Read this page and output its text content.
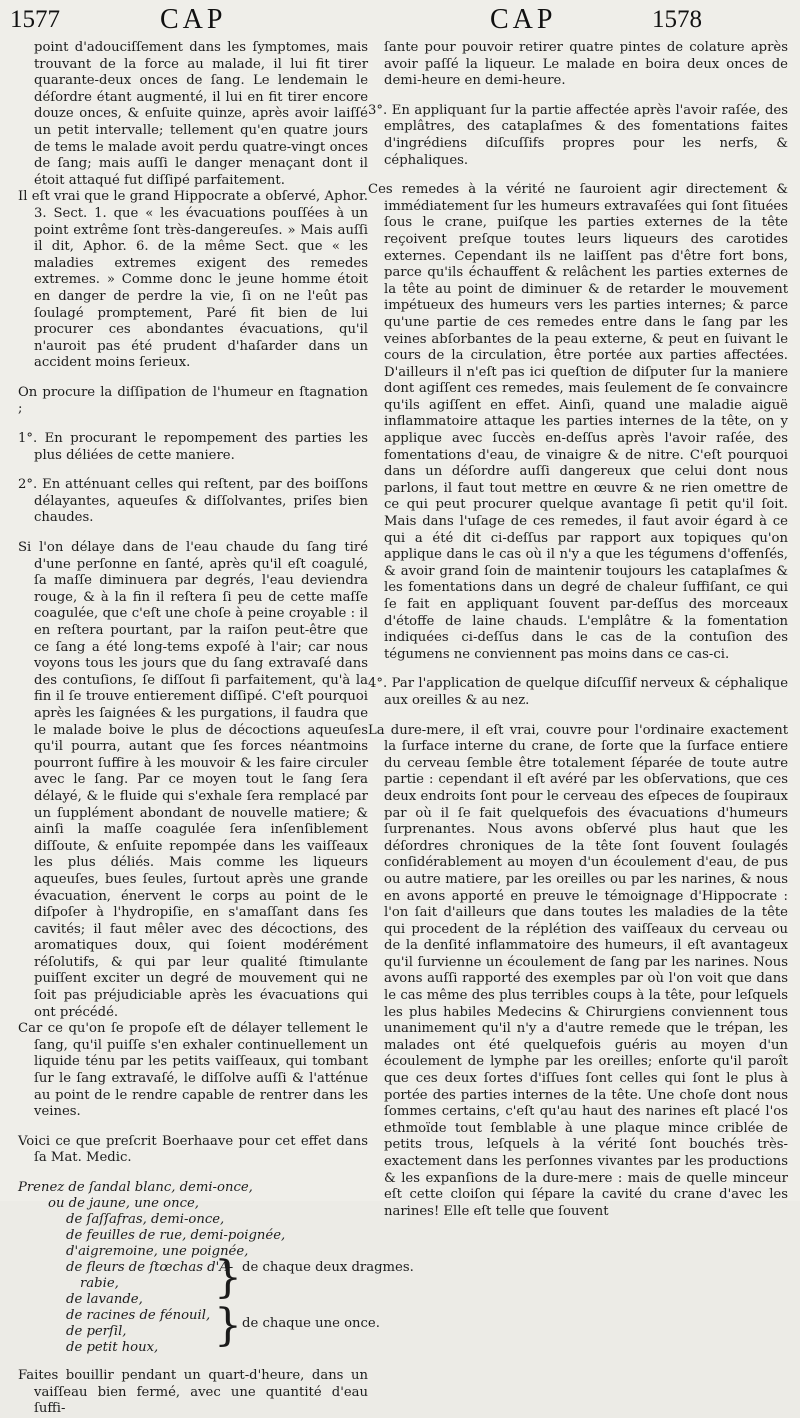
1577	CAP	CAP	1578

point d'adouciſſement dans les ſymptomes, mais trouvant de la force au malade, il lui fit tirer quarante-deux onces de ſang. Le lendemain le déſordre étant augmenté, il lui en fit tirer encore douze onces, & enſuite quinze, après avoir laiſſé un petit intervalle; tellement qu'en quatre jours de tems le malade avoit perdu quatre-vingt onces de ſang; mais auſſi le danger menaçant dont il étoit attaqué fut diſſipé parfaitement.

Il eſt vrai que le grand Hippocrate a obſervé, Aphor. 3. Sect. 1. que « les évacuations pouſſées à un point extrême ſont très-dangereuſes. » Mais auſſi il dit, Aphor. 6. de la même Sect. que « les maladies extremes exigent des remedes extremes. » Comme donc le jeune homme étoit en danger de perdre la vie, ſi on ne l'eût pas ſoulagé promptement, Paré fit bien de lui procurer ces abondantes évacuations, qu'il n'auroit pas été prudent d'haſarder dans un accident moins ſerieux.

On procure la diſſipation de l'humeur en ſtagnation ;

1°. En procurant le repompement des parties les plus déliées de cette maniere.

2°. En atténuant celles qui reſtent, par des boiſſons délayantes, aqueuſes & diſſolvantes, priſes bien chaudes.

Si l'on délaye dans de l'eau chaude du ſang tiré d'une perſonne en ſanté, après qu'il eſt coagulé, ſa maſſe diminuera par degrés, l'eau deviendra rouge, & à la fin il reſtera ſi peu de cette maſſe coagulée, que c'eſt une choſe à peine croyable : il en reſtera pourtant, par la raiſon peut-être que ce ſang a été long-tems expoſé à l'air; car nous voyons tous les jours que du ſang extravaſé dans des contuſions, ſe diſſout ſi parfaitement, qu'à la fin il ſe trouve entierement diſſipé. C'eſt pourquoi après les ſaignées & les purgations, il faudra que le malade boive le plus de décoctions aqueuſes qu'il pourra, autant que ſes forces néantmoins pourront ſuffire à les mouvoir & les faire circuler avec le ſang. Par ce moyen tout le ſang ſera délayé, & le fluide qui s'exhale ſera remplacé par un ſupplément abondant de nouvelle matiere; & ainſi la maſſe coagulée ſera inſenſiblement diſſoute, & enſuite repompée dans les vaiſſeaux les plus déliés. Mais comme les liqueurs aqueuſes, bues ſeules, ſurtout après une grande évacuation, énervent le corps au point de le diſpoſer à l'hydropiſie, en s'amaſſant dans ſes cavités; il faut mêler avec des décoctions, des aromatiques doux, qui ſoient modérément réſolutifs, & qui par leur qualité ſtimulante puiſſent exciter un degré de mouvement qui ne ſoit pas préjudiciable après les évacuations qui ont précédé.

Car ce qu'on ſe propoſe eſt de délayer tellement le ſang, qu'il puiſſe s'en exhaler continuellement un liquide ténu par les petits vaiſſeaux, qui tombant ſur le ſang extravaſé, le diſſolve auſſi & l'atténue au point de le rendre capable de rentrer dans les veines.

Voici ce que preſcrit Boerhaave pour cet effet dans ſa Mat. Medic.

Prenez de ſandal blanc, demi-once,
ou de jaune, une once,
de ſaſſafras, demi-once,
de feuilles de rue, demi-poignée,
d'aigremoine, une poignée,
de fleurs de ſtœchas d'A-
rabie,
de lavande,
de racines de fénouil,
de perſil,
de petit houx,
} de chaque deux dragmes.
} de chaque une once.

Faites bouillir pendant un quart-d'heure, dans un vaiſſeau bien fermé, avec une quantité d'eau ſuffi-

ſante pour pouvoir retirer quatre pintes de colature après avoir paſſé la liqueur. Le malade en boira deux onces de demi-heure en demi-heure.

3°. En appliquant ſur la partie affectée après l'avoir raſée, des emplâtres, des cataplaſmes & des fomentations faites d'ingrédiens diſcuſſifs propres pour les nerfs, & céphaliques.

Ces remedes à la vérité ne ſauroient agir directement & immédiatement ſur les humeurs extravaſées qui ſont ſituées ſous le crane, puiſque les parties externes de la tête reçoivent preſque toutes leurs liqueurs des carotides externes. Cependant ils ne laiſſent pas d'être fort bons, parce qu'ils échauffent & relâchent les parties externes de la tête au point de diminuer & de retarder le mouvement impétueux des humeurs vers les parties internes; & parce qu'une partie de ces remedes entre dans le ſang par les veines abſorbantes de la peau externe, & peut en ſuivant le cours de la circulation, être portée aux parties affectées. D'ailleurs il n'eſt pas ici queſtion de diſputer ſur la maniere dont agiſſent ces remedes, mais ſeulement de ſe convaincre qu'ils agiſſent en effet. Ainſi, quand une maladie aiguë inflammatoire attaque les parties internes de la tête, on y applique avec ſuccès en-deſſus après l'avoir raſée, des fomentations d'eau, de vinaigre & de nitre. C'eſt pourquoi dans un déſordre auſſi dangereux que celui dont nous parlons, il faut tout mettre en œuvre & ne rien omettre de ce qui peut procurer quelque avantage ſi petit qu'il ſoit. Mais dans l'uſage de ces remedes, il faut avoir égard à ce qui a été dit ci-deſſus par rapport aux topiques qu'on applique dans le cas où il n'y a que les tégumens d'offenſés, & avoir grand ſoin de maintenir toujours les cataplaſmes & les fomentations dans un degré de chaleur ſuffiſant, ce qui ſe fait en appliquant ſouvent par-deſſus des morceaux d'étoffe de laine chauds. L'emplâtre & la fomentation indiquées ci-deſſus dans le cas de la contuſion des tégumens ne conviennent pas moins dans ce cas-ci.

4°. Par l'application de quelque diſcuſſif nerveux & céphalique aux oreilles & au nez.

La dure-mere, il eſt vrai, couvre pour l'ordinaire exactement la ſurface interne du crane, de ſorte que la ſurface entiere du cerveau ſemble être totalement ſéparée de toute autre partie : cependant il eſt avéré par les obſervations, que ces deux endroits ſont pour le cerveau des eſpeces de ſoupiraux par où il ſe fait quelquefois des évacuations d'humeurs ſurprenantes. Nous avons obſervé plus haut que les déſordres chroniques de la tête ſont ſouvent ſoulagés conſidérablement au moyen d'un écoulement d'eau, de pus ou autre matiere, par les oreilles ou par les narines, & nous en avons apporté en preuve le témoignage d'Hippocrate : l'on ſait d'ailleurs que dans toutes les maladies de la tête qui procedent de la réplétion des vaiſſeaux du cerveau ou de la denſité inflammatoire des humeurs, il eſt avantageux qu'il ſurvienne un écoulement de ſang par les narines. Nous avons auſſi rapporté des exemples par où l'on voit que dans le cas même des plus terribles coups à la tête, pour leſquels les plus habiles Medecins & Chirurgiens conviennent tous unanimement qu'il n'y a d'autre remede que le trépan, les malades ont été quelquefois guéris au moyen d'un écoulement de lymphe par les oreilles; enſorte qu'il paroît que ces deux ſortes d'iſſues ſont celles qui ſont le plus à portée des parties internes de la tête. Une choſe dont nous ſommes certains, c'eſt qu'au haut des narines eſt placé l'os ethmoïde tout ſemblable à une plaque mince criblée de petits trous, leſquels à la vérité ſont bouchés très-exactement dans les perſonnes vivantes par les productions & les expanſions de la dure-mere : mais de quelle minceur eſt cette cloiſon qui ſépare la cavité du crane d'avec les narines! Elle eſt telle que ſouvent
